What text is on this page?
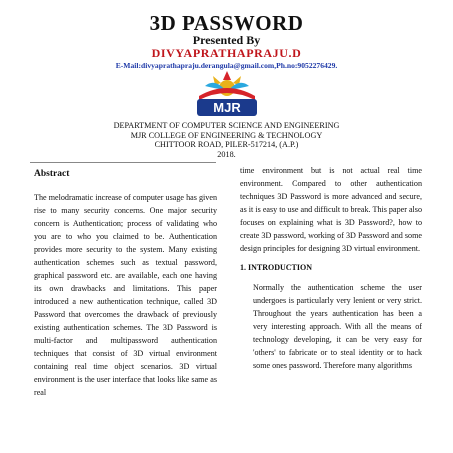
3D PASSWORD
Presented By
DIVYAPRATHAPRAJU.D
E-Mail:divyaprathapraju.derangula@gmail.com,Ph.no:9052276429.
MJR
DEPARTMENT OF COMPUTER SCIENCE AND ENGINEERING
MJR COLLEGE OF ENGINEERING & TECHNOLOGY
CHITTOOR ROAD, PILER-517214, (A.P.)
2018.
Abstract
The melodramatic increase of computer usage has given rise to many security concerns. One major security concern is Authentication; process of validating who you are to who you claimed to be. Authentication provides more security to the system. Many existing authentication schemes such as textual password, graphical password etc. are available, each one having its own drawbacks and limitations. This paper introduced a new authentication technique, called 3D Password that overcomes the drawback of previously existing authentication schemes. The 3D Password is multi-factor and multipassword authentication techniques that consist of 3D virtual environment containing real time object scenarios. 3D virtual environment is the user interface that looks like same as real
time environment but is not actual real time environment. Compared to other authentication techniques 3D Password is more advanced and secure, as it is easy to use and difficult to break. This paper also focuses on explaining what is 3D Password?, how to create 3D password, working of 3D Password and some design principles for designing 3D virtual environment.
1. INTRODUCTION
Normally the authentication scheme the user undergoes is particularly very lenient or very strict. Throughout the years authentication has been a very interesting approach. With all the means of technology developing, it can be very easy for 'others' to fabricate or to steal identity or to hack some ones password. Therefore many algorithms
